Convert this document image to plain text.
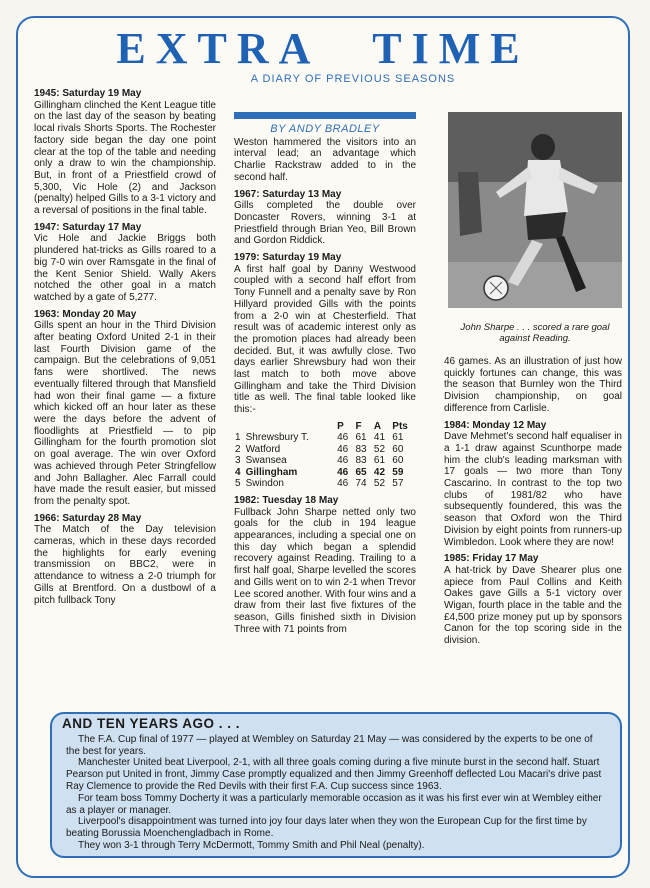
EXTRA TIME
A DIARY OF PREVIOUS SEASONS

1945: Saturday 19 May
Gillingham clinched the Kent League title on the last day of the season by beating local rivals Shorts Sports. The Rochester factory side began the day one point clear at the top of the table and needing only a draw to win the championship. But, in front of a Priestfield crowd of 5,300, Vic Hole (2) and Jackson (penalty) helped Gills to a 3-1 victory and a reversal of positions in the final table.

1947: Saturday 17 May
Vic Hole and Jackie Briggs both plundered hat-tricks as Gills roared to a big 7-0 win over Ramsgate in the final of the Kent Senior Shield. Wally Akers notched the other goal in a match watched by a gate of 5,277.

1963: Monday 20 May
Gills spent an hour in the Third Division after beating Oxford United 2-1 in their last Fourth Division game of the campaign. But the celebrations of 9,051 fans were shortlived. The news eventually filtered through that Mansfield had won their final game — a fixture which kicked off an hour later as these were the days before the advent of floodlights at Priestfield — to pip Gillingham for the fourth promotion slot on goal average. The win over Oxford was achieved through Peter Stringfellow and John Ballagher. Alec Farrall could have made the result easier, but missed from the penalty spot.

1966: Saturday 28 May
The Match of the Day television cameras, which in these days recorded the highlights for early evening transmission on BBC2, were in attendance to witness a 2-0 triumph for Gills at Brentford. On a dustbowl of a pitch fullback Tony

BY ANDY BRADLEY

Weston hammered the visitors into an interval lead; an advantage which Charlie Rackstraw added to in the second half.

1967: Saturday 13 May
Gills completed the double over Doncaster Rovers, winning 3-1 at Priestfield through Brian Yeo, Bill Brown and Gordon Riddick.

1979: Saturday 19 May
A first half goal by Danny Westwood coupled with a second half effort from Tony Funnell and a penalty save by Ron Hillyard provided Gills with the points from a 2-0 win at Chesterfield. That result was of academic interest only as the promotion places had already been decided. But, it was awfully close. Two days earlier Shrewsbury had won their last match to both move above Gillingham and take the Third Division title as well. The final table looked like this:-

		P	F	A	Pts
1	Shrewsbury T.	46	61	41	61
2	Watford	46	83	52	60
3	Swansea	46	83	61	60
4	Gillingham	46	65	42	59
5	Swindon	46	74	52	57

1982: Tuesday 18 May
Fullback John Sharpe netted only two goals for the club in 194 league appearances, including a special one on this day which began a splendid recovery against Reading. Trailing to a first half goal, Sharpe levelled the scores and Gills went on to win 2-1 when Trevor Lee scored another. With four wins and a draw from their last five fixtures of the season, Gills finished sixth in Division Three with 71 points from

John Sharpe . . . scored a rare goal against Reading.

46 games. As an illustration of just how quickly fortunes can change, this was the season that Burnley won the Third Division championship, on goal difference from Carlisle.

1984: Monday 12 May
Dave Mehmet's second half equaliser in a 1-1 draw against Scunthorpe made him the club's leading marksman with 17 goals — two more than Tony Cascarino. In contrast to the top two clubs of 1981/82 who have subsequently foundered, this was the season that Oxford won the Third Division by eight points from runners-up Wimbledon. Look where they are now!

1985: Friday 17 May
A hat-trick by Dave Shearer plus one apiece from Paul Collins and Keith Oakes gave Gills a 5-1 victory over Wigan, fourth place in the table and the £4,500 prize money put up by sponsors Canon for the top scoring side in the division.

AND TEN YEARS AGO . . .

The F.A. Cup final of 1977 — played at Wembley on Saturday 21 May — was considered by the experts to be one of the best for years.

Manchester United beat Liverpool, 2-1, with all three goals coming during a five minute burst in the second half. Stuart Pearson put United in front, Jimmy Case promptly equalized and then Jimmy Greenhoff deflected Lou Macari's drive past Ray Clemence to provide the Red Devils with their first F.A. Cup success since 1963.

For team boss Tommy Docherty it was a particularly memorable occasion as it was his first ever win at Wembley either as a player or manager.

Liverpool's disappointment was turned into joy four days later when they won the European Cup for the first time by beating Borussia Moenchengladbach in Rome.

They won 3-1 through Terry McDermott, Tommy Smith and Phil Neal (penalty).
